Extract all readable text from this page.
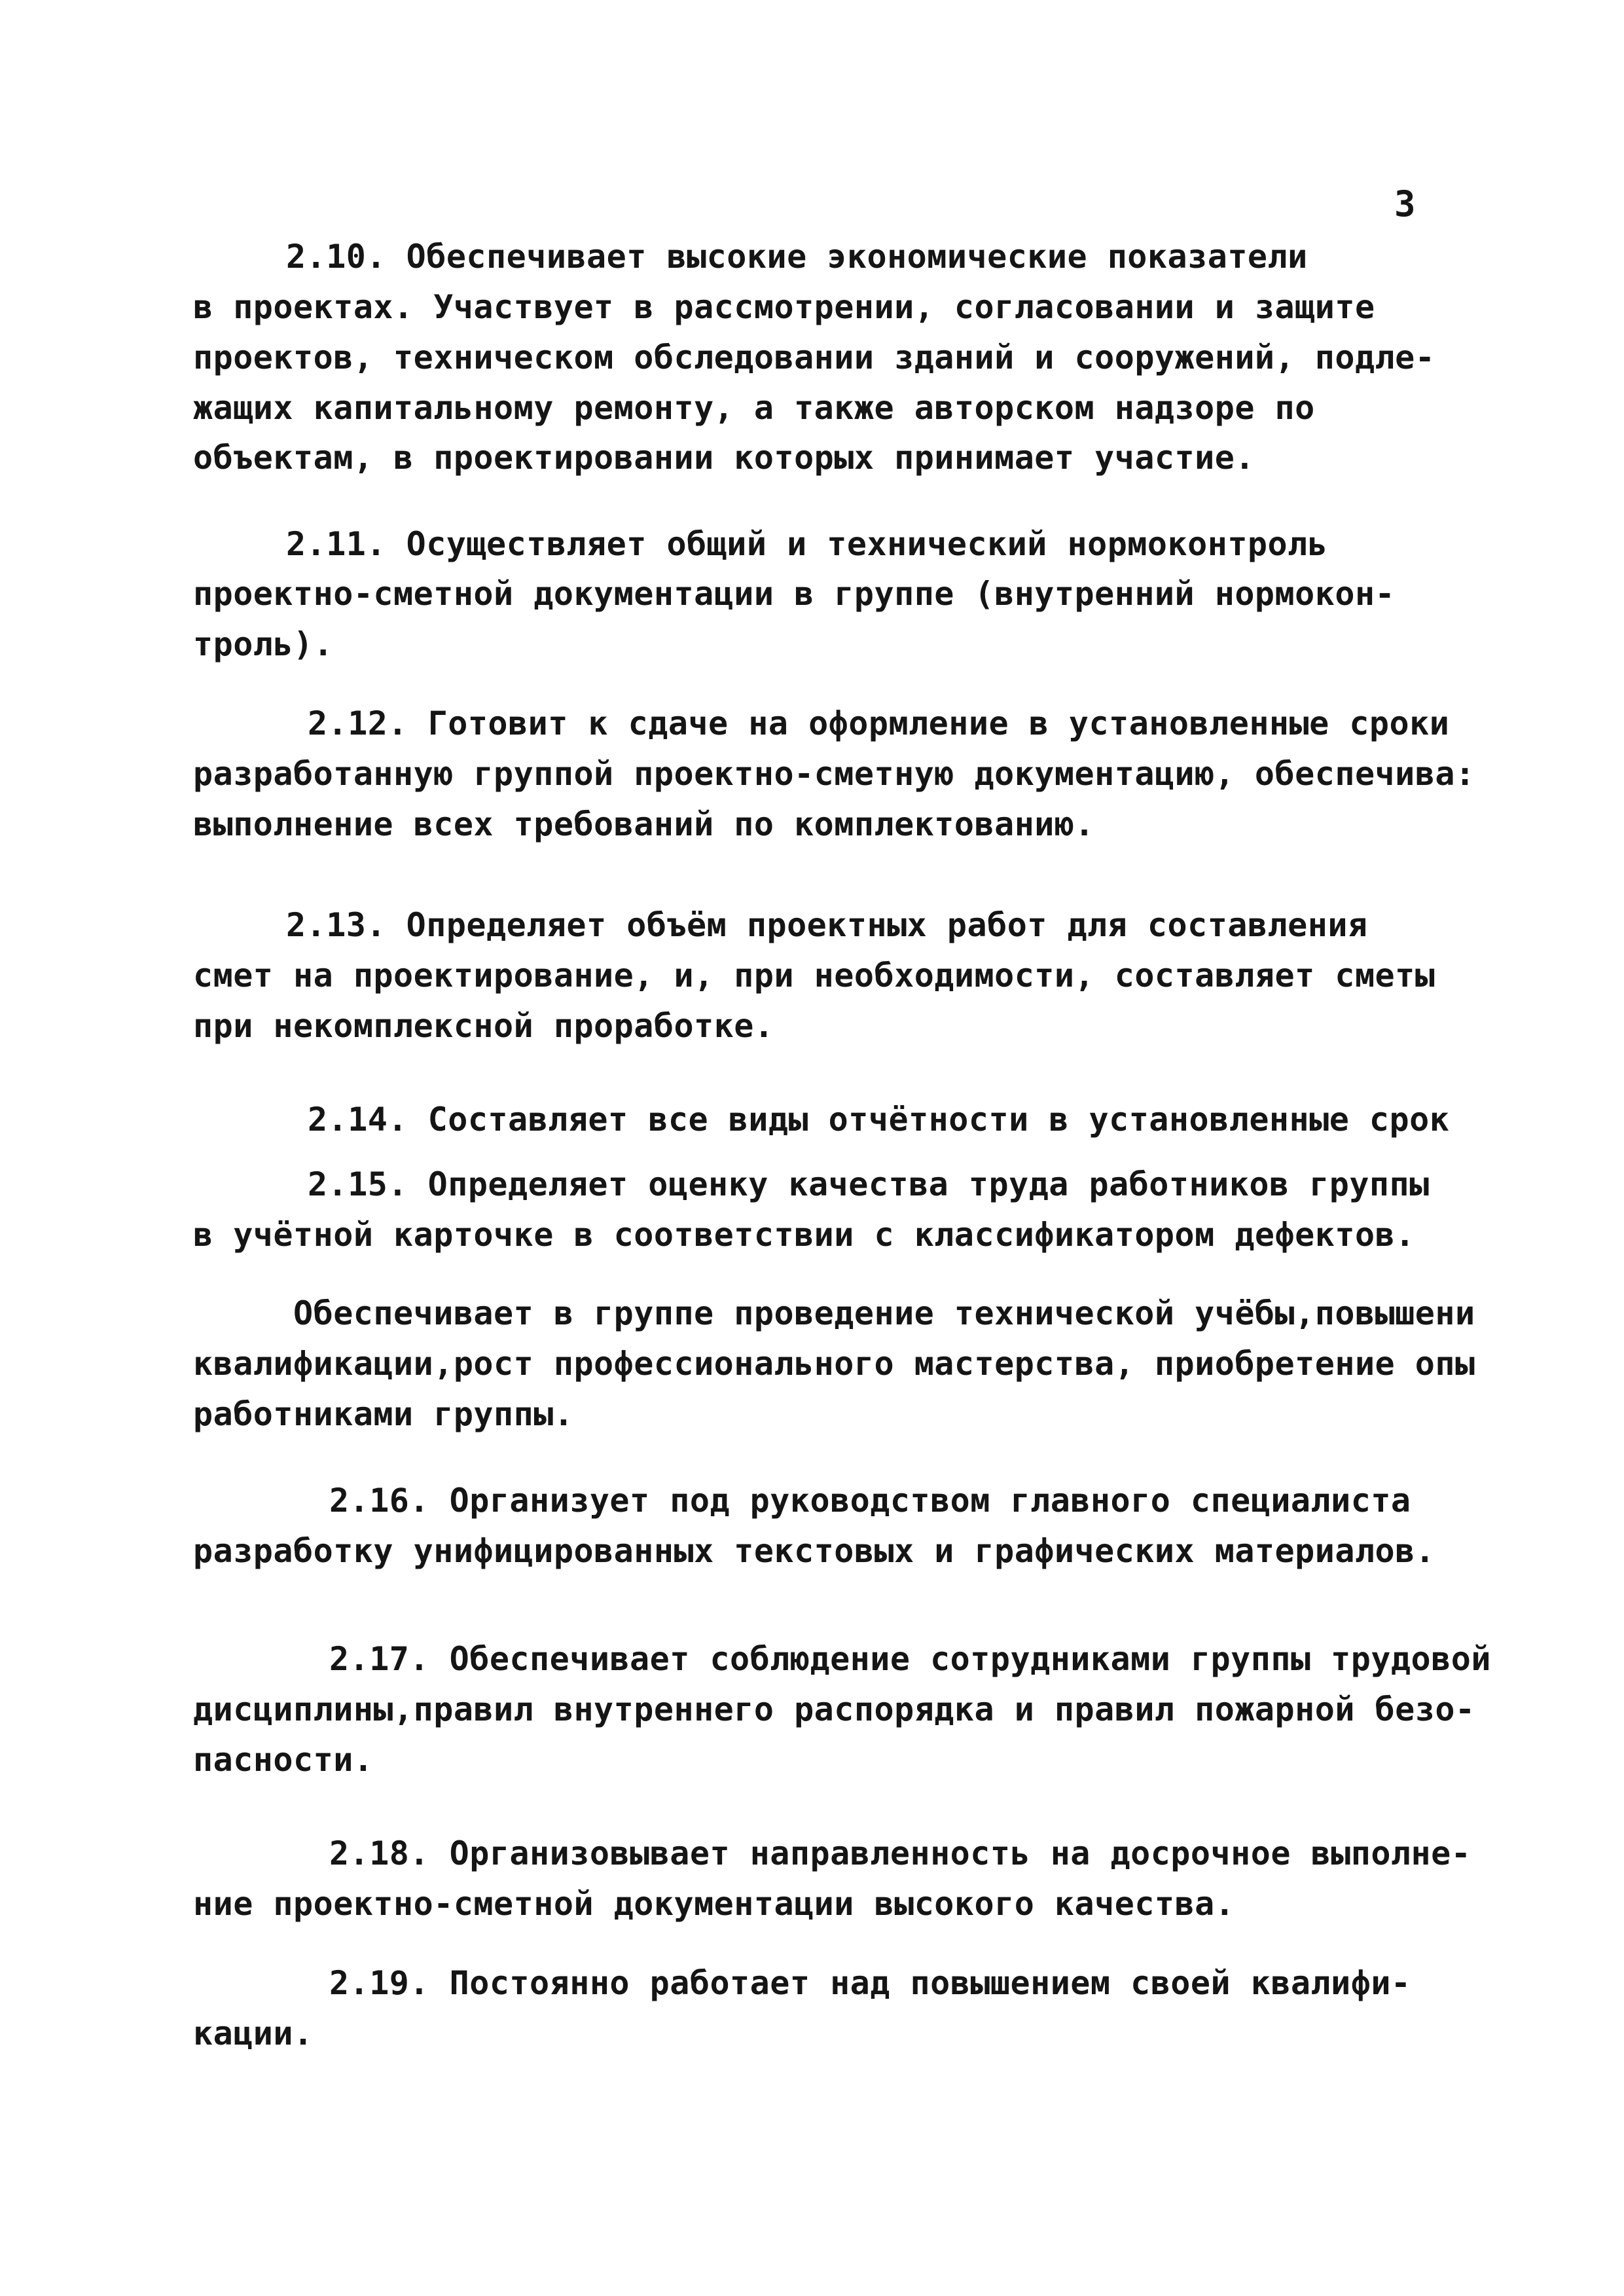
3
2.10. Обеспечивает высокие экономические показатели
в проектах. Участвует в рассмотрении, согласовании и защите
проектов, техническом обследовании зданий и сооружений, подле-
жащих капитальному ремонту, а также авторском надзоре по
объектам, в проектировании которых принимает участие.
2.11. Осуществляет общий и технический нормоконтроль
проектно-сметной документации в группе (внутренний нормокон-
троль).
2.12. Готовит к сдаче на оформление в установленные сроки
разработанную группой проектно-сметную документацию, обеспечива:
выполнение всех требований по комплектованию.
2.13. Определяет объём проектных работ для составления
смет на проектирование, и, при необходимости, составляет сметы
при некомплексной проработке.
2.14. Составляет все виды отчётности в установленные срок
2.15. Определяет оценку качества труда работников группы
в учётной карточке в соответствии с классификатором дефектов.
Обеспечивает в группе проведение технической учёбы,повышени
квалификации,рост профессионального мастерства, приобретение опы
работниками группы.
2.16. Организует под руководством главного специалиста
разработку унифицированных текстовых и графических материалов.
2.17. Обеспечивает соблюдение сотрудниками группы трудовой
дисциплины,правил внутреннего распорядка и правил пожарной безо-
пасности.
2.18. Организовывает направленность на досрочное выполне-
ние проектно-сметной документации высокого качества.
2.19. Постоянно работает над повышением своей квалифи-
кации.
